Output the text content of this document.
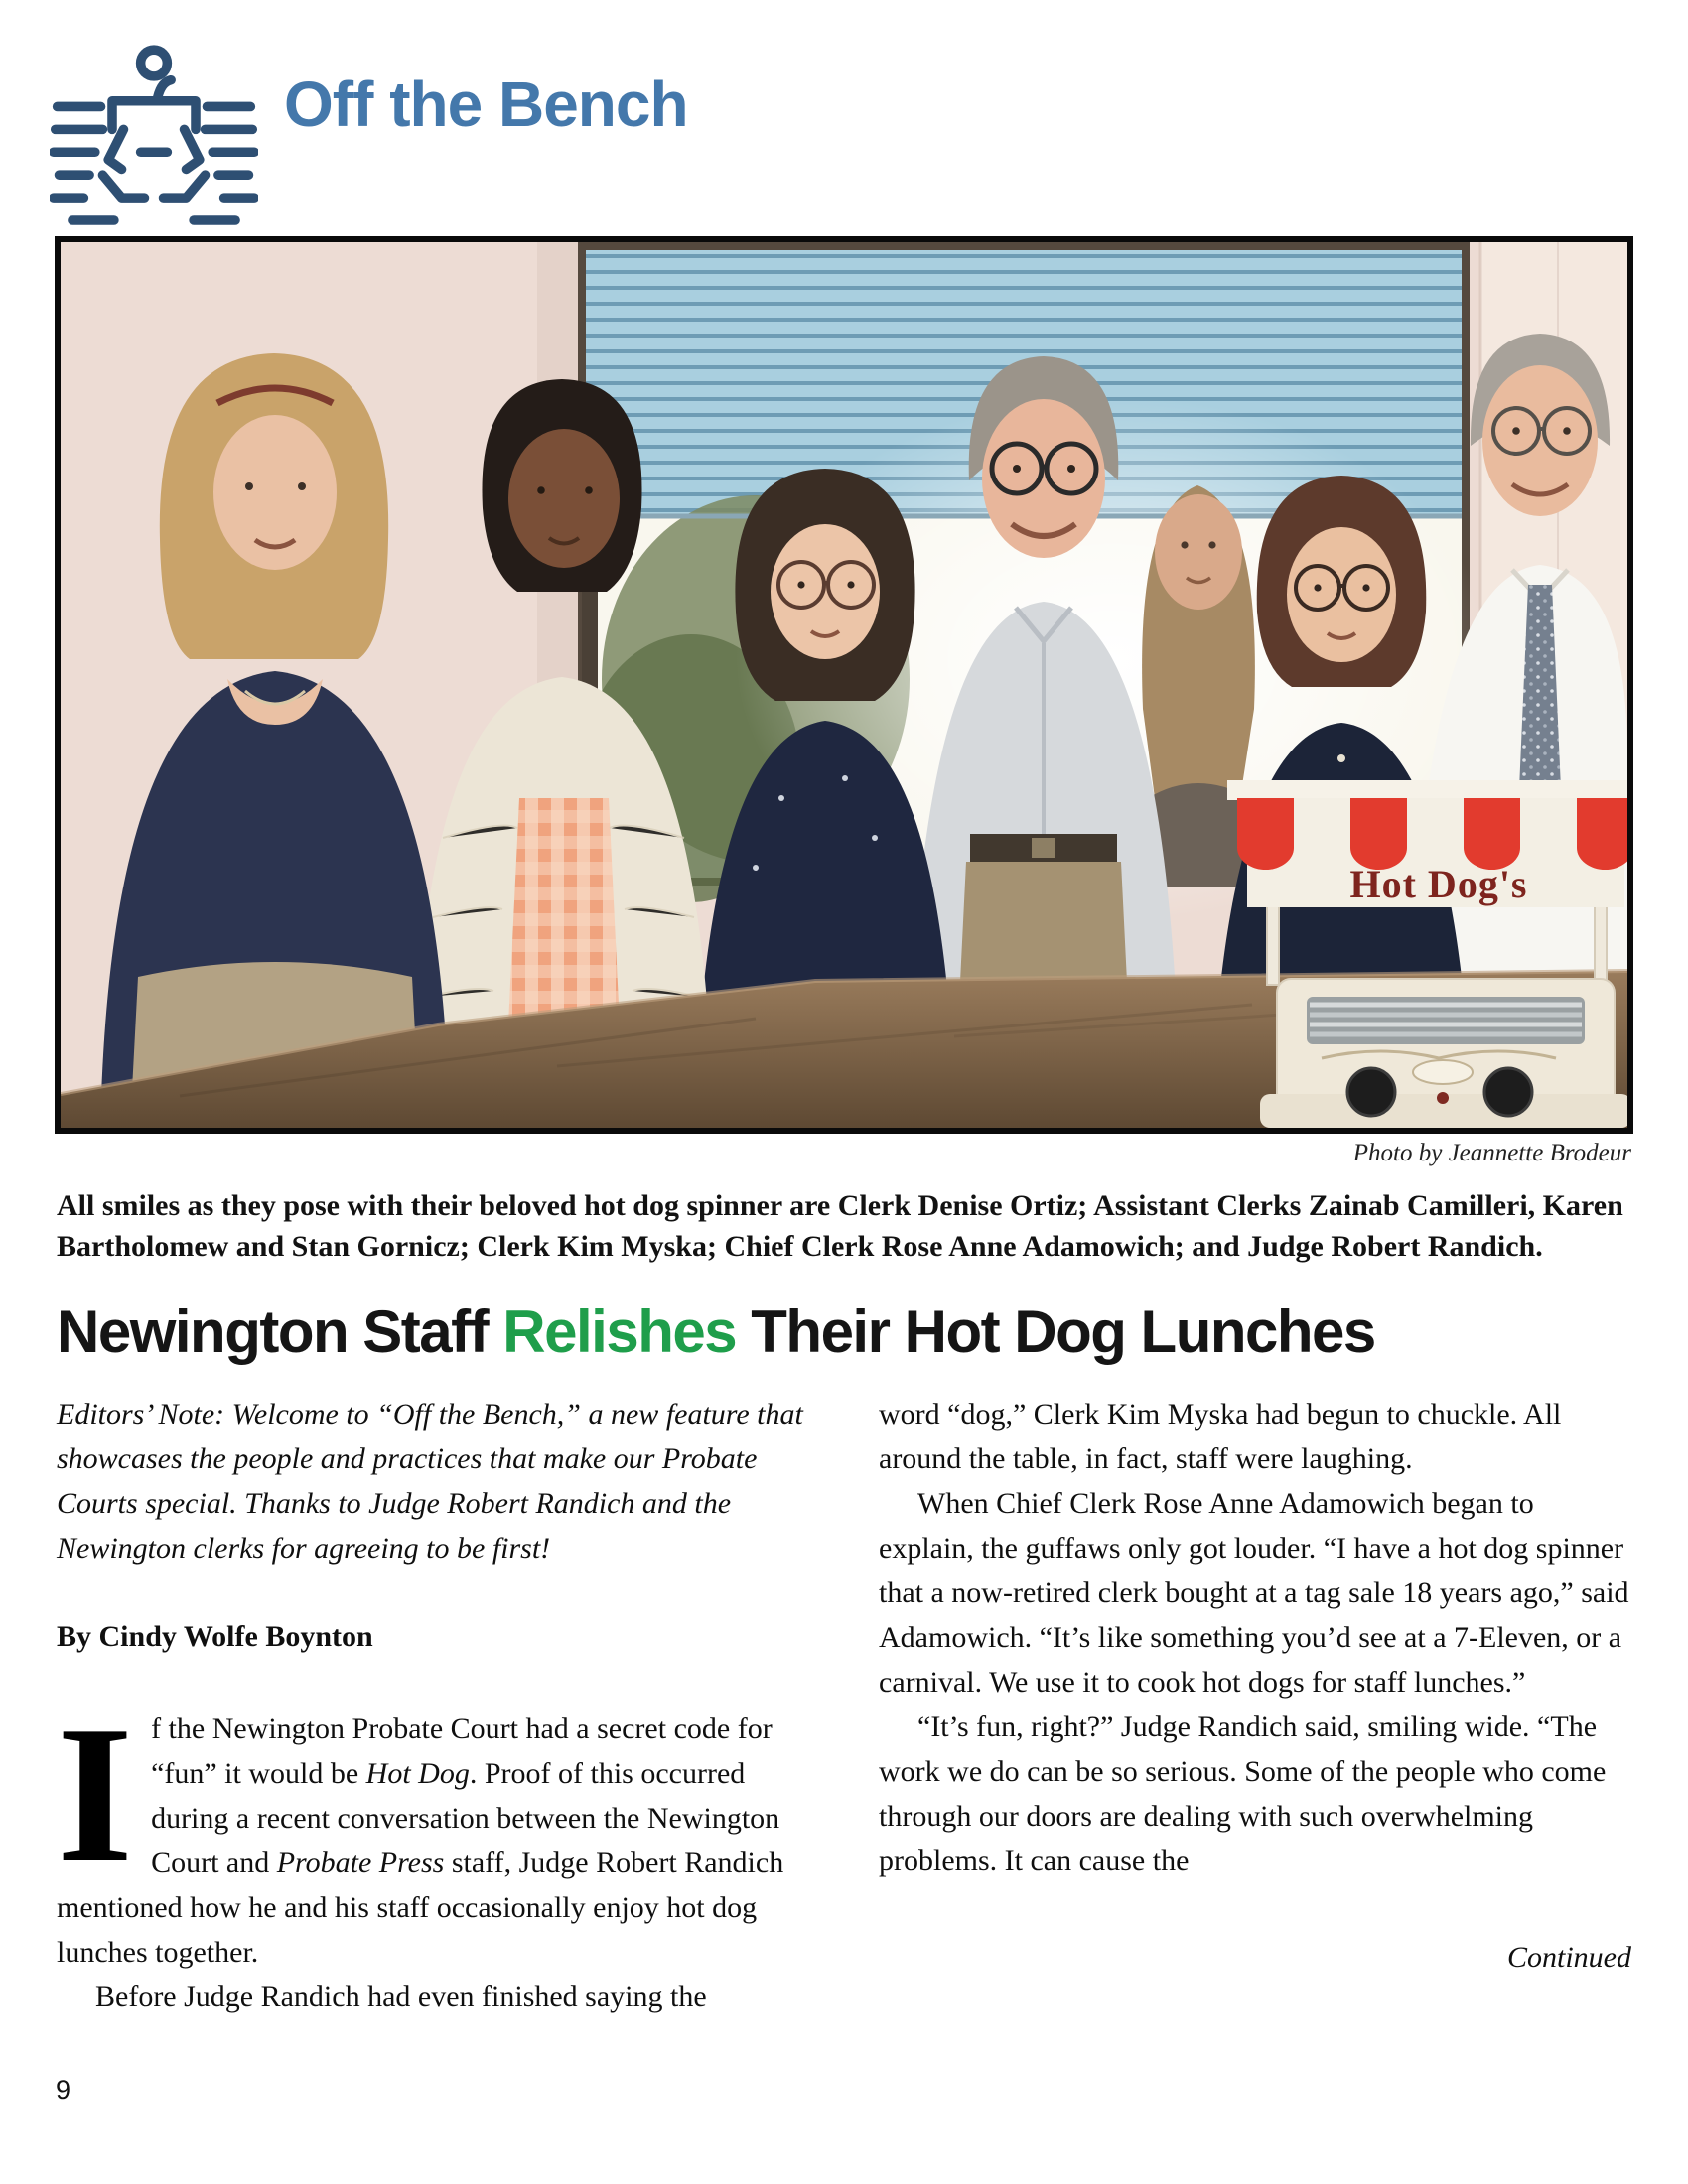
Off the Bench
Hot Dog's
Photo by Jeannette Brodeur

All smiles as they pose with their beloved hot dog spinner are Clerk Denise Ortiz; Assistant Clerks Zainab Camilleri, Karen Bartholomew and Stan Gornicz; Clerk Kim Myska; Chief Clerk Rose Anne Adamowich; and Judge Robert Randich.

Newington Staff Relishes Their Hot Dog Lunches

Editors’ Note: Welcome to “Off the Bench,” a new feature that showcases the people and practices that make our Probate Courts special. Thanks to Judge Robert Randich and the Newington clerks for agreeing to be first!

By Cindy Wolfe Boynton

If the Newington Probate Court had a secret code for “fun” it would be Hot Dog. Proof of this occurred during a recent conversation between the Newington Court and Probate Press staff, Judge Robert Randich mentioned how he and his staff occasionally enjoy hot dog lunches together.

Before Judge Randich had even finished saying the

word “dog,” Clerk Kim Myska had begun to chuckle. All around the table, in fact, staff were laughing.

When Chief Clerk Rose Anne Adamowich began to explain, the guffaws only got louder. “I have a hot dog spinner that a now-retired clerk bought at a tag sale 18 years ago,” said Adamowich. “It’s like something you’d see at a 7-Eleven, or a carnival. We use it to cook hot dogs for staff lunches.”

“It’s fun, right?” Judge Randich said, smiling wide. “The work we do can be so serious. Some of the people who come through our doors are dealing with such overwhelming problems. It can cause the

Continued

9
